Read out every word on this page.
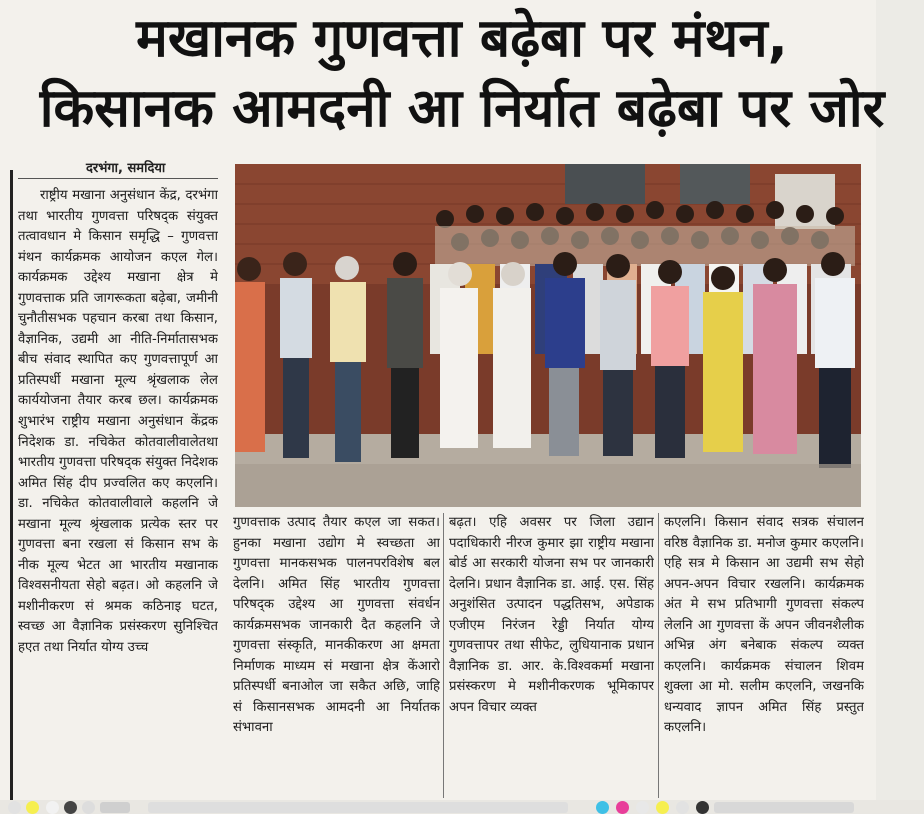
मखानक गुणवत्ता बढ़ेबा पर मंथन,
किसानक आमदनी आ निर्यात बढ़ेबा पर जोर
दरभंगा, समदिया

राष्ट्रीय मखाना अनुसंधान केंद्र, दरभंगा तथा भारतीय गुणवत्ता परिषद्क संयुक्त तत्वावधान मे किसान समृद्धि – गुणवत्ता मंथन कार्यक्रमक आयोजन कएल गेल। कार्यक्रमक उद्देश्य मखाना क्षेत्र मे गुणवत्ताक प्रति जागरूकता बढ़ेबा, जमीनी चुनौतीसभक पहचान करबा तथा किसान, वैज्ञानिक, उद्यमी आ नीति-निर्मातासभक बीच संवाद स्थापित कए गुणवत्तापूर्ण आ प्रतिस्पर्धी मखाना मूल्य श्रृंखलाक लेल कार्ययोजना तैयार करब छल। कार्यक्रमक शुभारंभ राष्ट्रीय मखाना अनुसंधान केंद्रक निदेशक डा. नचिकेत कोतवालीवालेतथा भारतीय गुणवत्ता परिषद्क संयुक्त निदेशक अमित सिंह दीप प्रज्वलित कए कएलनि। डा. नचिकेत कोतवालीवाले कहलनि जे मखाना मूल्य श्रृंखलाक प्रत्येक स्तर पर गुणवत्ता बना रखला सं किसान सभ के नीक मूल्य भेटत आ भारतीय मखानाक विश्वसनीयता सेहो बढ़त। ओ कहलनि जे मशीनीकरण सं श्रमक कठिनाइ घटत, स्वच्छ आ वैज्ञानिक प्रसंस्करण सुनिश्चित हएत तथा निर्यात योग्य उच्च

गुणवत्ताक उत्पाद तैयार कएल जा सकत। हुनका मखाना उद्योग मे स्वच्छता आ गुणवत्ता मानकसभक पालनपरविशेष बल देलनि। अमित सिंह भारतीय गुणवत्ता परिषद्क उद्देश्य आ गुणवत्ता संवर्धन कार्यक्रमसभक जानकारी दैत कहलनि जे गुणवत्ता संस्कृति, मानकीकरण आ क्षमता निर्माणक माध्यम सं मखाना क्षेत्र केंआरो प्रतिस्पर्धी बनाओल जा सकैत अछि, जाहि सं किसानसभक आमदनी आ निर्यातक संभावना

बढ़त। एहि अवसर पर जिला उद्यान पदाधिकारी नीरज कुमार झा राष्ट्रीय मखाना बोर्ड आ सरकारी योजना सभ पर जानकारी देलनि। प्रधान वैज्ञानिक डा. आई. एस. सिंह अनुशंसित उत्पादन पद्धतिसभ, अपेडाक एजीएम निरंजन रेड्डी निर्यात योग्य गुणवत्तापर तथा सीफेट, लुधियानाक प्रधान वैज्ञानिक डा. आर. के.विश्वकर्मा मखाना प्रसंस्करण मे मशीनीकरणक भूमिकापर अपन विचार व्यक्त

कएलनि। किसान संवाद सत्रक संचालन वरिष्ठ वैज्ञानिक डा. मनोज कुमार कएलनि। एहि सत्र मे किसान आ उद्यमी सभ सेहो अपन-अपन विचार रखलनि। कार्यक्रमक अंत मे सभ प्रतिभागी गुणवत्ता संकल्प लेलनि आ गुणवत्ता कें अपन जीवनशैलीक अभिन्न अंग बनेबाक संकल्प व्यक्त कएलनि। कार्यक्रमक संचालन शिवम शुक्ला आ मो. सलीम कएलनि, जखनकि धन्यवाद ज्ञापन अमित सिंह प्रस्तुत कएलनि।
